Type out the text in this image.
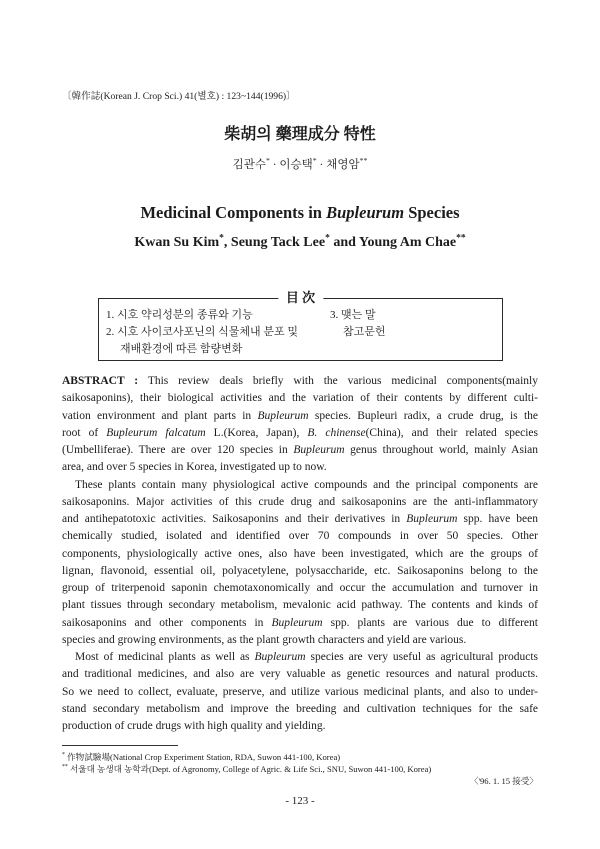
〔韓作誌(Korean J. Crop Sci.) 41(별호) : 123~144(1996)〕
柴胡의 藥理成分 特性
김관수* · 이승택* · 채영암**
Medicinal Components in Bupleurum Species
Kwan Su Kim*, Seung Tack Lee* and Young Am Chae**
目 次
1. 시호 약리성분의 종류와 기능
2. 시호 사이코사포닌의 식물체내 분포 및
재배환경에 따른 함량변화
3. 맺는 말
참고문헌
ABSTRACT : This review deals briefly with the various medicinal components(mainly
saikosaponins), their biological activities and the variation of their contents by different culti-
vation environment and plant parts in Bupleurum species. Bupleuri radix, a crude drug, is the
root of Bupleurum falcatum L.(Korea, Japan), B. chinense(China), and their related species
(Umbelliferae). There are over 120 species in Bupleurum genus throughout world, mainly Asian
area, and over 5 species in Korea, investigated up to now.
These plants contain many physiological active compounds and the principal components are
saikosaponins. Major activities of this crude drug and saikosaponins are the anti-inflammatory
and antihepatotoxic activities. Saikosaponins and their derivatives in Bupleurum spp. have been
chemically studied, isolated and identified over 70 compounds in over 50 species. Other
components, physiologically active ones, also have been investigated, which are the groups of
lignan, flavonoid, essential oil, polyacetylene, polysaccharide, etc. Saikosaponins belong to the
group of triterpenoid saponin chemotaxonomically and occur the accumulation and turnover in
plant tissues through secondary metabolism, mevalonic acid pathway. The contents and kinds of
saikosaponins and other components in Bupleurum spp. plants are various due to different
species and growing environments, as the plant growth characters and yield are various.
Most of medicinal plants as well as Bupleurum species are very useful as agricultural products
and traditional medicines, and also are very valuable as genetic resources and natural products.
So we need to collect, evaluate, preserve, and utilize various medicinal plants, and also to under-
stand secondary metabolism and improve the breeding and cultivation techniques for the safe
production of crude drugs with high quality and yielding.
* 作物試驗場(National Crop Experiment Station, RDA, Suwon 441-100, Korea)
** 서울대 농생대 농학과(Dept. of Agronomy, College of Agric. & Life Sci., SNU, Suwon 441-100, Korea)
〈'96. 1. 15 接受〉
- 123 -
